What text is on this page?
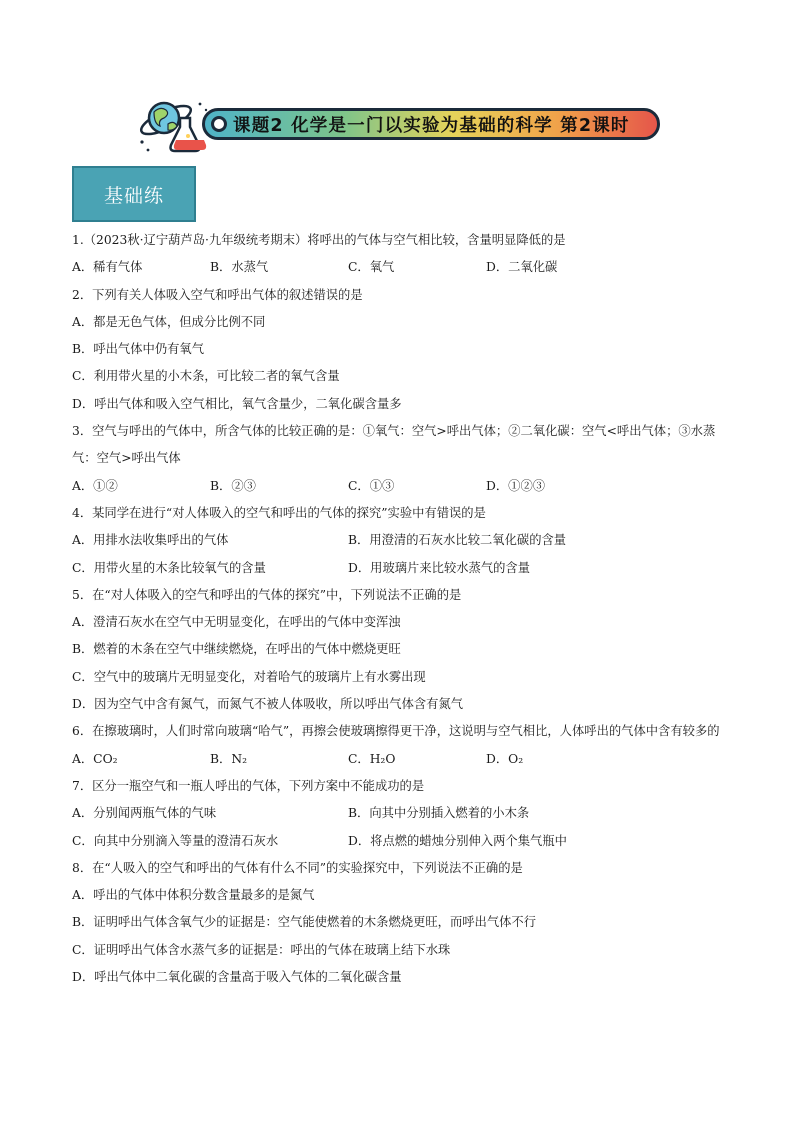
课题2 化学是一门以实验为基础的科学 第2课时
基础练
1.（2023秋·辽宁葫芦岛·九年级统考期末）将呼出的气体与空气相比较，含量明显降低的是
A．稀有气体	B．水蒸气	C．氧气	D．二氧化碳
2．下列有关人体吸入空气和呼出气体的叙述错误的是
A．都是无色气体，但成分比例不同
B．呼出气体中仍有氧气
C．利用带火星的小木条，可比较二者的氧气含量
D．呼出气体和吸入空气相比，氧气含量少，二氧化碳含量多
3．空气与呼出的气体中，所含气体的比较正确的是：①氧气：空气>呼出气体；②二氧化碳：空气<呼出气体；③水蒸气：空气>呼出气体
A．①②	B．②③	C．①③	D．①②③
4．某同学在进行“对人体吸入的空气和呼出的气体的探究”实验中有错误的是
A．用排水法收集呼出的气体	B．用澄清的石灰水比较二氧化碳的含量
C．用带火星的木条比较氧气的含量	D．用玻璃片来比较水蒸气的含量
5．在“对人体吸入的空气和呼出的气体的探究”中，下列说法不正确的是
A．澄清石灰水在空气中无明显变化，在呼出的气体中变浑浊
B．燃着的木条在空气中继续燃烧，在呼出的气体中燃烧更旺
C．空气中的玻璃片无明显变化，对着哈气的玻璃片上有水雾出现
D．因为空气中含有氮气，而氮气不被人体吸收，所以呼出气体含有氮气
6．在擦玻璃时，人们时常向玻璃“哈气”，再擦会使玻璃擦得更干净，这说明与空气相比，人体呼出的气体中含有较多的
A．CO₂	B．N₂	C．H₂O	D．O₂
7．区分一瓶空气和一瓶人呼出的气体，下列方案中不能成功的是
A．分别闻两瓶气体的气味	B．向其中分别插入燃着的小木条
C．向其中分别滴入等量的澄清石灰水	D．将点燃的蜡烛分别伸入两个集气瓶中
8．在“人吸入的空气和呼出的气体有什么不同”的实验探究中，下列说法不正确的是
A．呼出的气体中体积分数含量最多的是氮气
B．证明呼出气体含氧气少的证据是：空气能使燃着的木条燃烧更旺，而呼出气体不行
C．证明呼出气体含水蒸气多的证据是：呼出的气体在玻璃上结下水珠
D．呼出气体中二氧化碳的含量高于吸入气体的二氧化碳含量
